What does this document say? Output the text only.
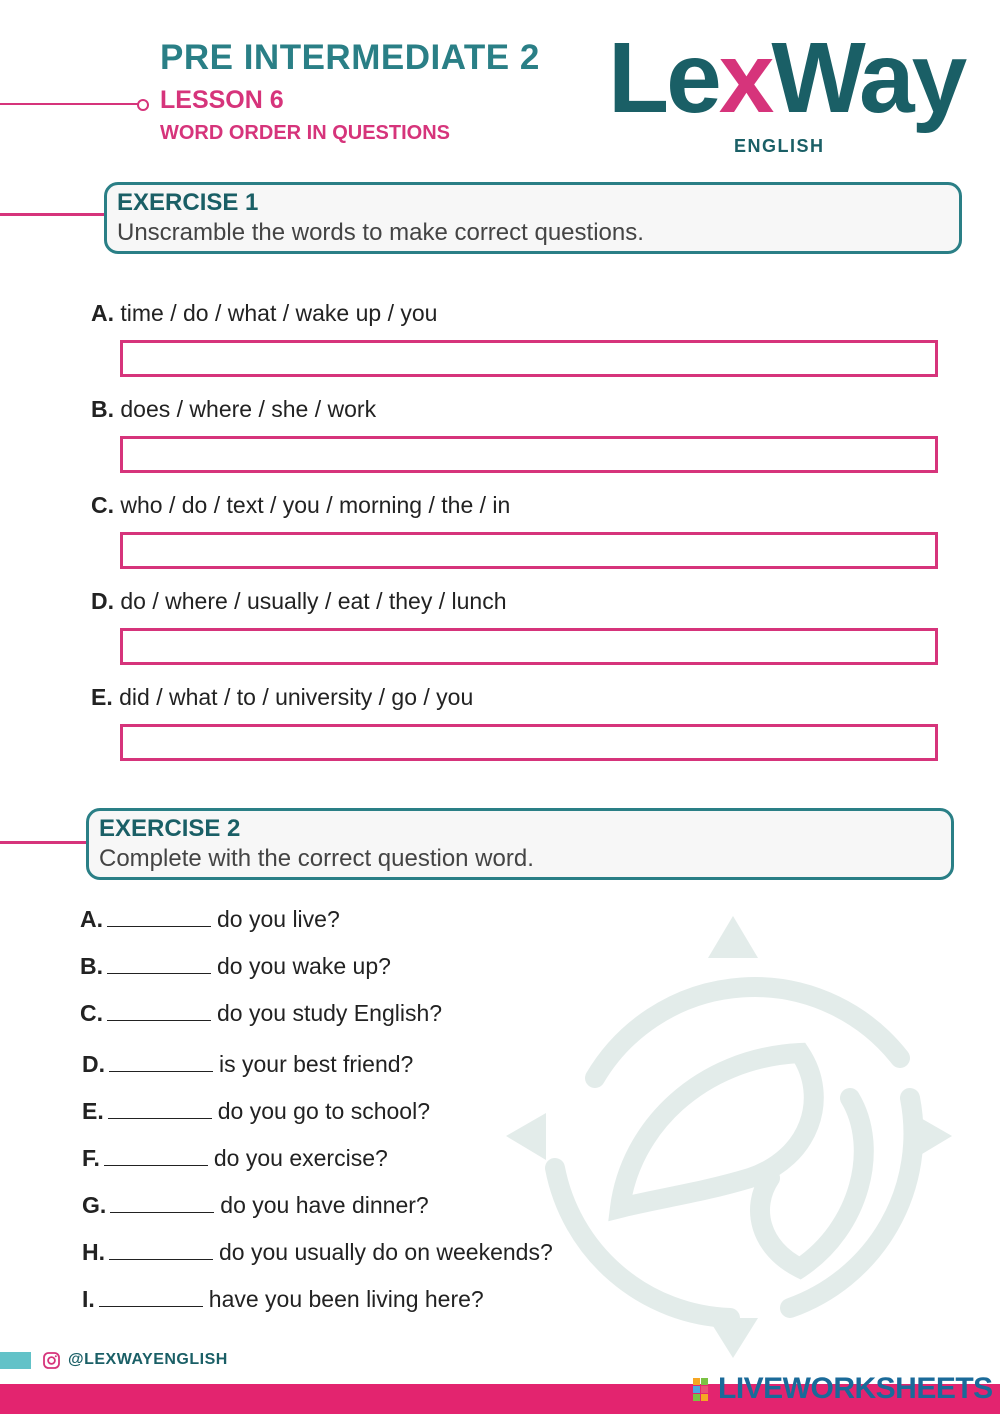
PRE INTERMEDIATE 2
LESSON 6
WORD ORDER IN QUESTIONS LexWay
ENGLISH
EXERCISE 1
Unscramble the words to make correct questions.
A. time / do / what / wake up / you
B. does / where / she / work
C. who / do / text / you / morning / the / in
D. do / where / usually / eat / they / lunch
E. did / what / to / university / go / you
EXERCISE 2
Complete with the correct question word.
A.	do you live?
B.	do you wake up?
C.	do you study English?
D.	is your best friend?
E.	do you go to school?
F.	do you exercise?
G.	do you have dinner?
H.	do you usually do on weekends?
I.	have you been living here?
@LEXWAYENGLISH
LIVEWORKSHEETS
